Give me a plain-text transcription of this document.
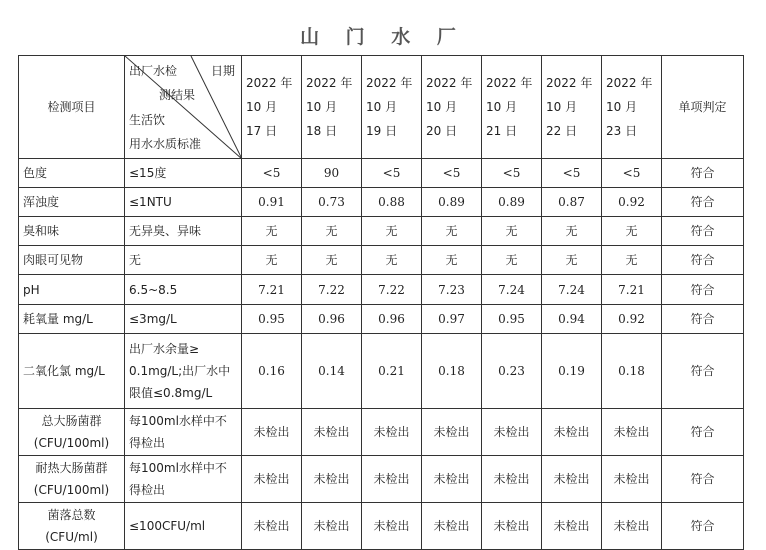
山 门 水 厂
检测项目	出厂水检 日期
测结果
生活饮
用水水质标准	2022 年
10 月
17 日	2022 年
10 月
18 日	2022 年
10 月
19 日	2022 年
10 月
20 日	2022 年
10 月
21 日	2022 年
10 月
22 日	2022 年
10 月
23 日	单项判定
色度	≤15度	<5	90	<5	<5	<5	<5	<5	符合
浑浊度	≤1NTU	0.91	0.73	0.88	0.89	0.89	0.87	0.92	符合
臭和味	无异臭、异味	无	无	无	无	无	无	无	符合
肉眼可见物	无	无	无	无	无	无	无	无	符合
pH	6.5~8.5	7.21	7.22	7.22	7.23	7.24	7.24	7.21	符合
耗氧量 mg/L	≤3mg/L	0.95	0.96	0.96	0.97	0.95	0.94	0.92	符合
二氧化氯 mg/L	出厂水余量≥
0.1mg/L;出厂水中
限值≤0.8mg/L	0.16	0.14	0.21	0.18	0.23	0.19	0.18	符合

总大肠菌群
(CFU/100ml)	每100ml水样中不
得检出	未检出	未检出	未检出	未检出	未检出	未检出	未检出	符合

耐热大肠菌群
(CFU/100ml)	每100ml水样中不
得检出	未检出	未检出	未检出	未检出	未检出	未检出	未检出	符合

菌落总数
(CFU/ml)	≤100CFU/ml	未检出	未检出	未检出	未检出	未检出	未检出	未检出	符合
